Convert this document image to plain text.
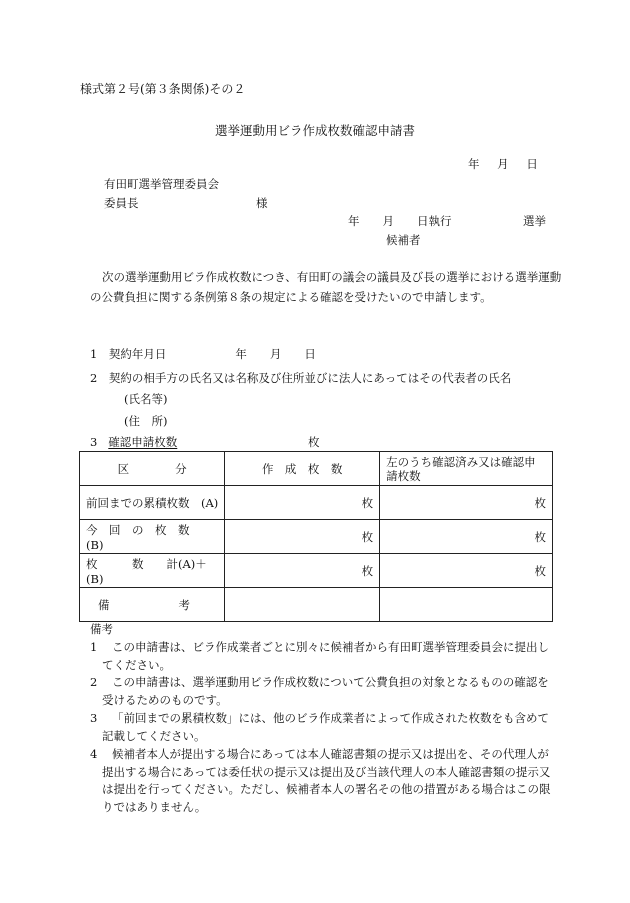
様式第２号(第３条関係)その２
選挙運動用ビラ作成枚数確認申請書
年 月 日
有田町選挙管理委員会
委員長	様
年　　月　　日執行	選挙
候補者
次の選挙運動用ビラ作成枚数につき、有田町の議会の議員及び長の選挙における選挙運動の公費負担に関する条例第８条の規定による確認を受けたいので申請します。
1　契約年月日　　　　　　年　　月　　日
2　契約の相手方の氏名又は名称及び住所並びに法人にあってはその代表者の氏名
(氏名等)
(住　所)
3 確認申請枚数	枚
区　　　　分	作　成　枚　数	左のうち確認済み又は確認申請枚数
前回までの累積枚数　(A)	枚	枚
今　回　の　枚　数　(B)	枚	枚
枚　　　数　　計(A)＋(B)	枚	枚
備　　　　　　考		
備考
1	この申請書は、ビラ作成業者ごとに別々に候補者から有田町選挙管理委員会に提出してください。
2	この申請書は、選挙運動用ビラ作成枚数について公費負担の対象となるものの確認を受けるためのものです。
3	「前回までの累積枚数」には、他のビラ作成業者によって作成された枚数をも含めて記載してください。
4	候補者本人が提出する場合にあっては本人確認書類の提示又は提出を、その代理人が提出する場合にあっては委任状の提示又は提出及び当該代理人の本人確認書類の提示又は提出を行ってください。ただし、候補者本人の署名その他の措置がある場合はこの限りではありません。
